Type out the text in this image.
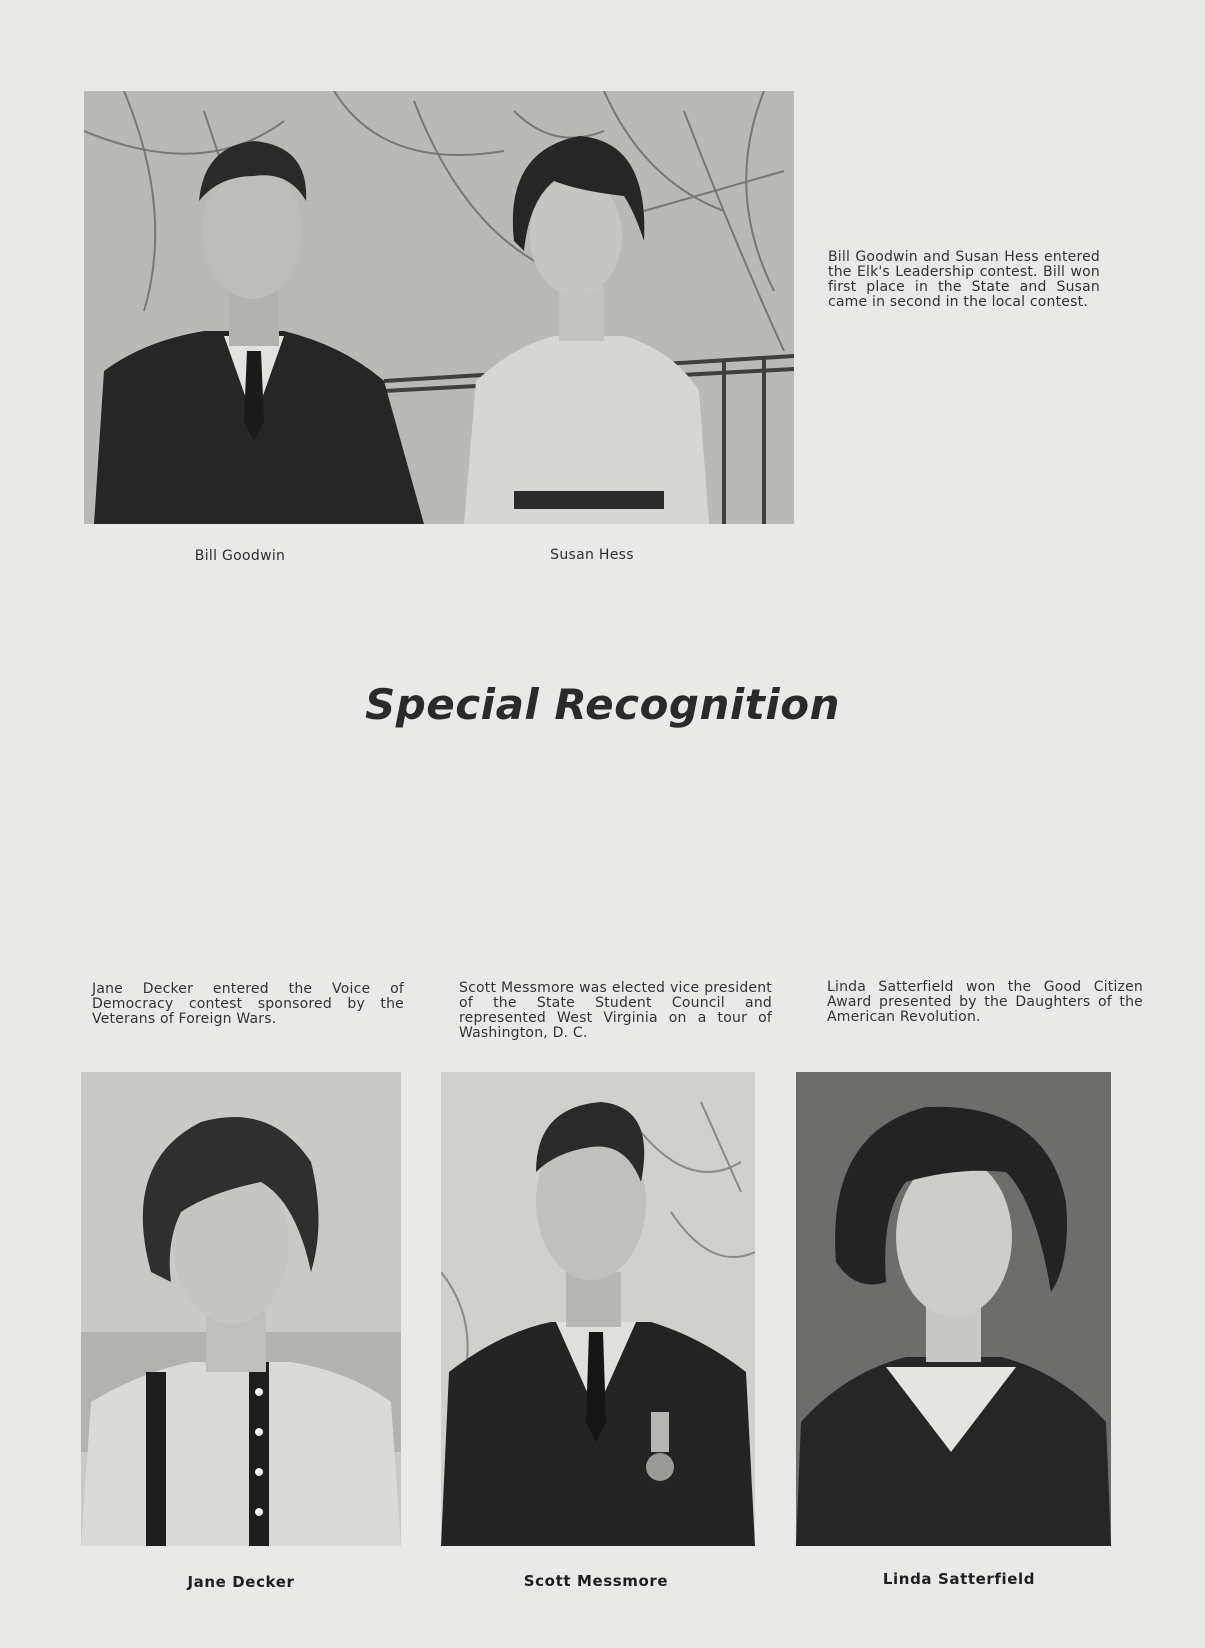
Bill Goodwin and Susan Hess entered the Elk's Leadership contest. Bill won first place in the State and Susan came in second in the local contest.
Bill Goodwin	Susan Hess
Special Recognition
Jane Decker entered the Voice of Democracy contest sponsored by the Veterans of Foreign Wars.
Scott Messmore was elected vice president of the State Student Council and represented West Virginia on a tour of Washington, D. C.
Linda Satterfield won the Good Citizen Award presented by the Daughters of the American Revolution.
Jane Decker	Scott Messmore	Linda Satterfield
